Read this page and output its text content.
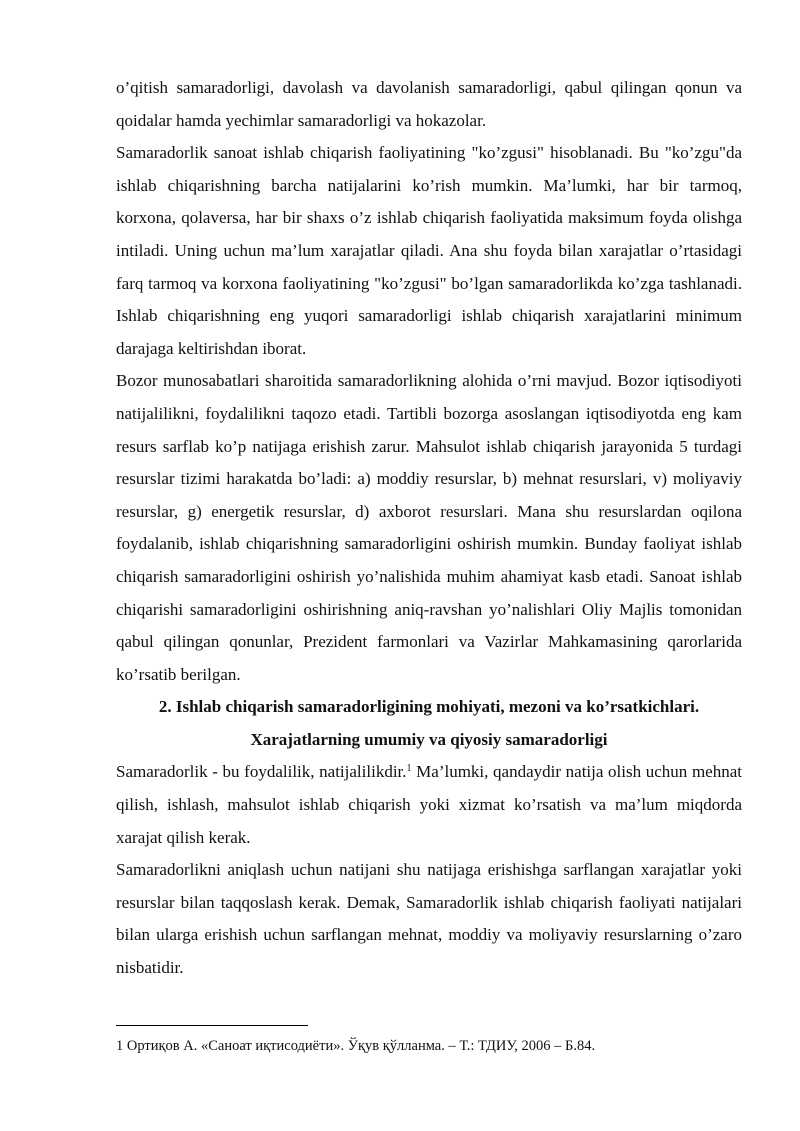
o’qitish samaradorligi, davolash va davolanish samaradorligi, qabul qilingan qonun va qoidalar hamda yechimlar samaradorligi va hokazolar.

Samaradorlik sanoat ishlab chiqarish faoliyatining "ko’zgusi" hisoblanadi. Bu "ko’zgu"da ishlab chiqarishning barcha natijalarini ko’rish mumkin. Ma’lumki, har bir tarmoq, korxona, qolaversa, har bir shaxs o’z ishlab chiqarish faoliyatida maksimum foyda olishga intiladi. Uning uchun ma’lum xarajatlar qiladi. Ana shu foyda bilan xarajatlar o’rtasidagi farq tarmoq va korxona faoliyatining "ko’zgusi" bo’lgan samaradorlikda ko’zga tashlanadi. Ishlab chiqarishning eng yuqori samaradorligi ishlab chiqarish xarajatlarini minimum darajaga keltirishdan iborat.

Bozor munosabatlari sharoitida samaradorlikning alohida o’rni mavjud. Bozor iqtisodiyoti natijalilikni, foydalilikni taqozo etadi. Tartibli bozorga asoslangan iqtisodiyotda eng kam resurs sarflab ko’p natijaga erishish zarur. Mahsulot ishlab chiqarish jarayonida 5 turdagi resurslar tizimi harakatda bo’ladi: a) moddiy resurslar, b) mehnat resurslari, v) moliyaviy resurslar, g) energetik resurslar, d) axborot resurslari. Mana shu resurslardan oqilona foydalanib, ishlab chiqarishning samaradorligini oshirish mumkin. Bunday faoliyat ishlab chiqarish samaradorligini oshirish yo’nalishida muhim ahamiyat kasb etadi. Sanoat ishlab chiqarishi samaradorligini oshirishning aniq-ravshan yo’nalishlari Oliy Majlis tomonidan qabul qilingan qonunlar, Prezident farmonlari va Vazirlar Mahkamasining qarorlarida ko’rsatib berilgan.

2. Ishlab chiqarish samaradorligining mohiyati, mezoni va ko’rsatkichlari.

Xarajatlarning umumiy va qiyosiy samaradorligi

Samaradorlik - bu foydalilik, natijalilikdir.$^1$ Ma’lumki, qandaydir natija olish uchun mehnat qilish, ishlash, mahsulot ishlab chiqarish yoki xizmat ko’rsatish va ma’lum miqdorda xarajat qilish kerak.

Samaradorlikni aniqlash uchun natijani shu natijaga erishishga sarflangan xarajatlar yoki resurslar bilan taqqoslash kerak. Demak, Samaradorlik ishlab chiqarish faoliyati natijalari bilan ularga erishish uchun sarflangan mehnat, moddiy va moliyaviy resurslarning o’zaro nisbatidir.

1 Ортиқов А. «Саноат иқтисодиёти». Ўқув қўлланма. – Т.: ТДИУ, 2006 – Б.84.
